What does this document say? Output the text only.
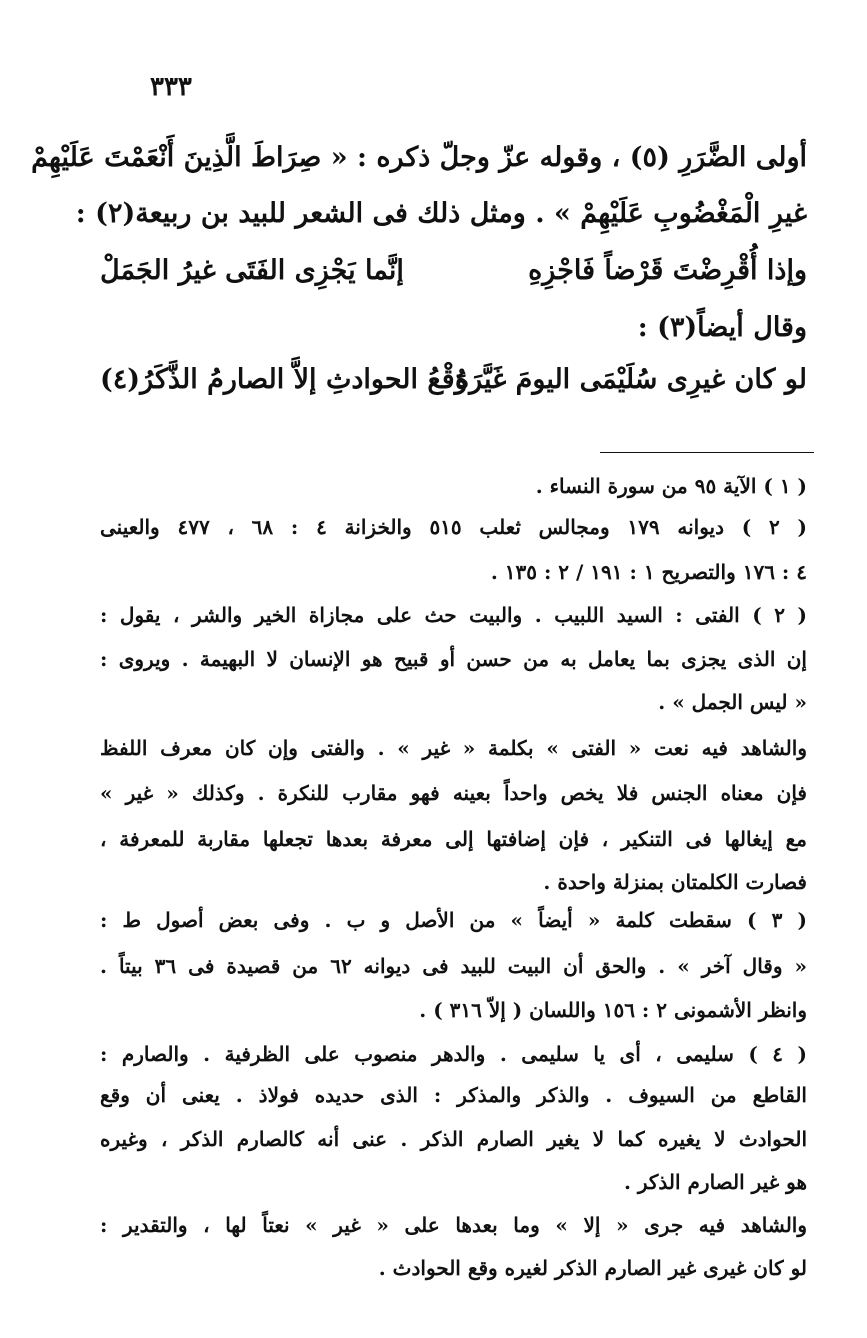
٣٣٣
أولى الضَّرَرِ (٥) ، وقوله عزّ وجلّ ذكره : « صِرَاطَ الَّذِينَ أَنْعَمْتَ عَلَيْهِمْ
غيرِ الْمَغْضُوبِ عَلَيْهِمْ » . ومثل ذلك فى الشعر للبيد بن ربيعة(٢) :
وإذا أُقْرِضْتَ قَرْضاً فَاجْزِهِ
إنَّما يَجْزِى الفَتَى غيرُ الجَمَلْ
وقال أيضاً(٣) :
لو كان غيرِى سُلَيْمَى اليومَ غَيَّرَهُ
وَقْعُ الحوادثِ إلاَّ الصارمُ الذَّكَرُ(٤)
( ١ ) الآية ٩٥ من سورة النساء .
( ٢ ) ديوانه ١٧٩ ومجالس ثعلب ٥١٥ والخزانة ٤ : ٦٨ ، ٤٧٧ والعينى
٤ : ١٧٦ والتصريح ١ : ١٩١ / ٢ : ١٣٥ .
( ٢ ) الفتى : السيد اللبيب . والبيت حث على مجازاة الخير والشر ، يقول :
إن الذى يجزى بما يعامل به من حسن أو قبيح هو الإنسان لا البهيمة . ويروى :
« ليس الجمل » .
والشاهد فيه نعت « الفتى » بكلمة « غير » . والفتى وإن كان معرف اللفظ
فإن معناه الجنس فلا يخص واحداً بعينه فهو مقارب للنكرة . وكذلك « غير »
مع إيغالها فى التنكير ، فإن إضافتها إلى معرفة بعدها تجعلها مقاربة للمعرفة ،
فصارت الكلمتان بمنزلة واحدة .
( ٣ ) سقطت كلمة « أيضاً » من الأصل و ب . وفى بعض أصول ط :
« وقال آخر » . والحق أن البيت للبيد فى ديوانه ٦٢ من قصيدة فى ٣٦ بيتاً .
وانظر الأشمونى ٢ : ١٥٦ واللسان ( إلاّ ٣١٦ ) .
( ٤ ) سليمى ، أى يا سليمى . والدهر منصوب على الظرفية . والصارم :
القاطع من السيوف . والذكر والمذكر : الذى حديده فولاذ . يعنى أن وقع
الحوادث لا يغيره كما لا يغير الصارم الذكر . عنى أنه كالصارم الذكر ، وغيره
هو غير الصارم الذكر .
والشاهد فيه جرى « إلا » وما بعدها على « غير » نعتاً لها ، والتقدير :
لو كان غيرى غير الصارم الذكر لغيره وقع الحوادث .
